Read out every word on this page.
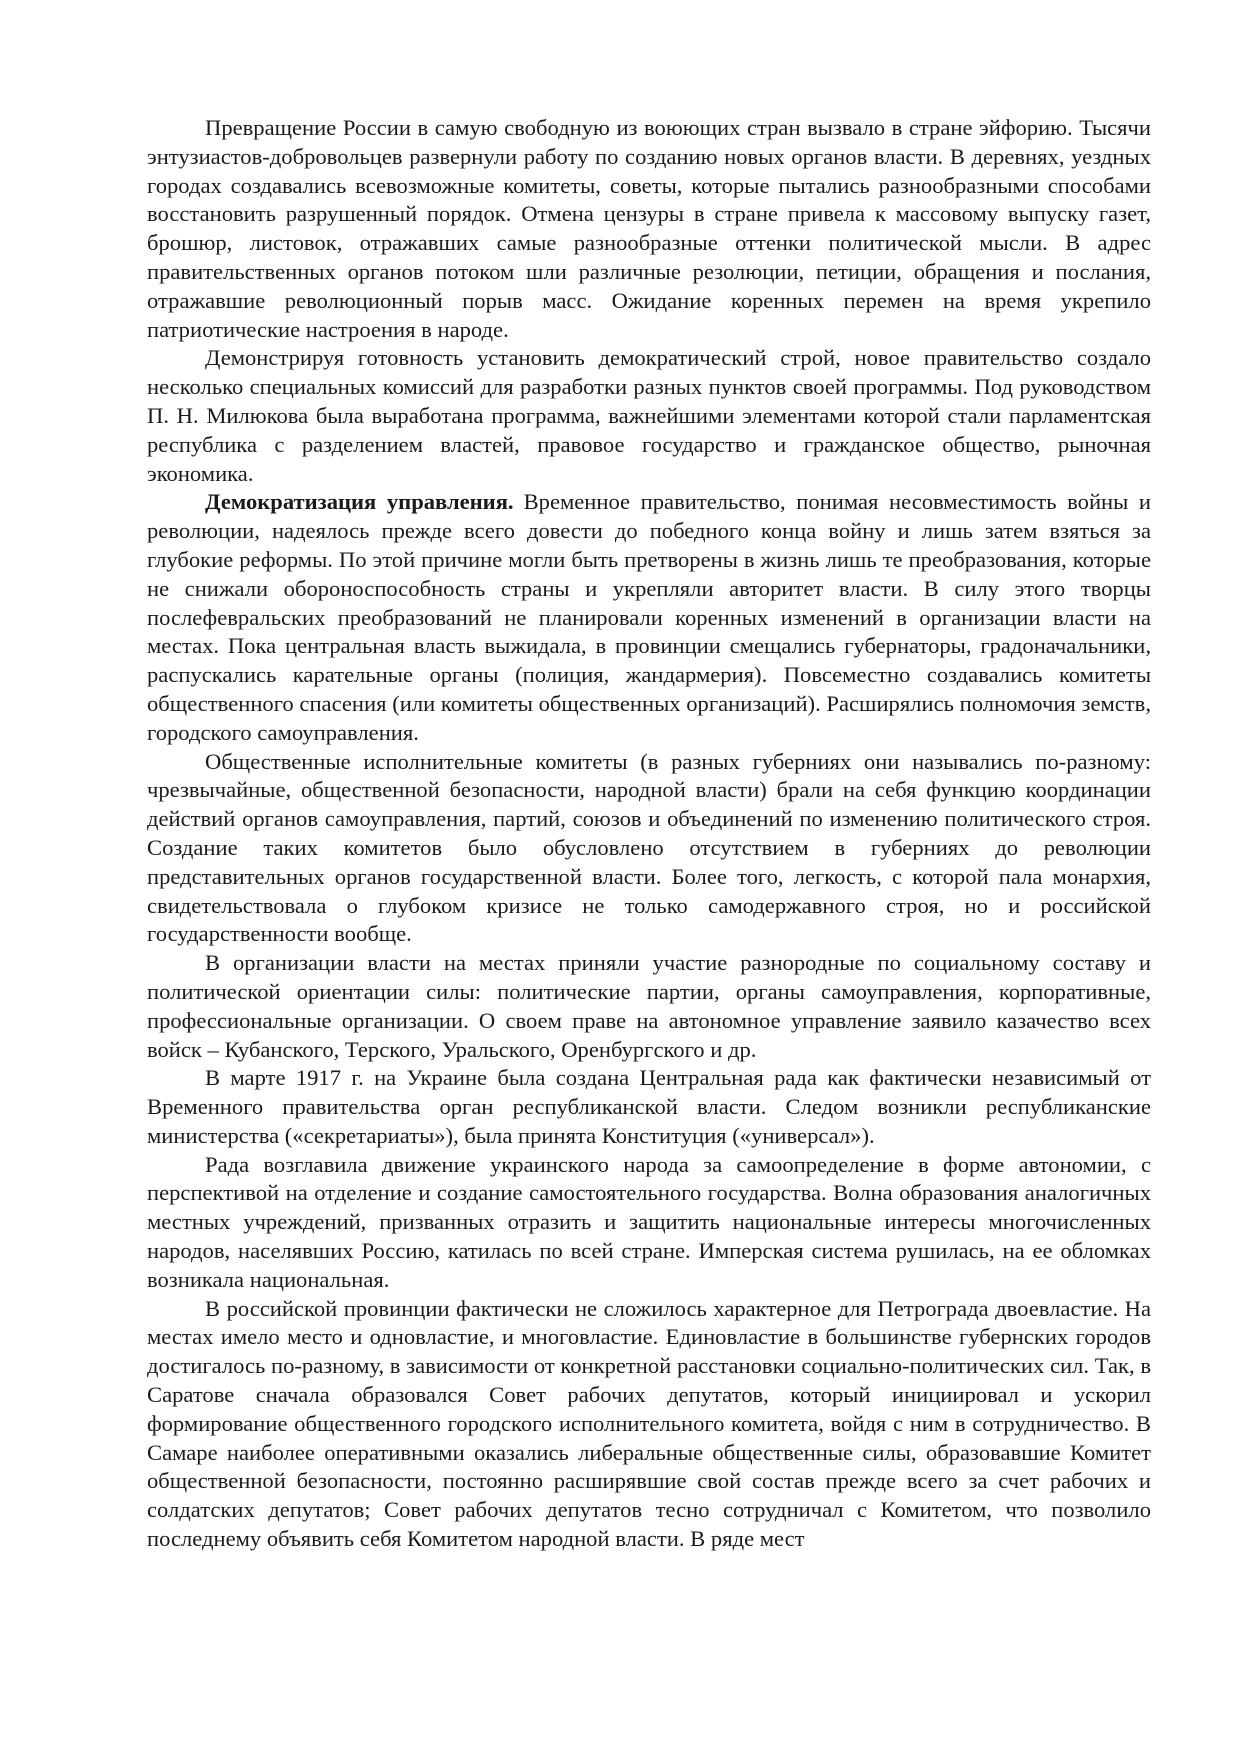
Превращение России в самую свободную из воюющих стран вызвало в стране эйфорию. Тысячи энтузиастов-добровольцев развернули работу по созданию новых органов власти. В деревнях, уездных городах создавались всевозможные комитеты, советы, которые пытались разнообразными способами восстановить разрушенный порядок. Отмена цензуры в стране привела к массовому выпуску газет, брошюр, листовок, отражавших самые разнообразные оттенки политической мысли. В адрес правительственных органов потоком шли различные резолюции, петиции, обращения и послания, отражавшие революционный порыв масс. Ожидание коренных перемен на время укрепило патриотические настроения в народе.

Демонстрируя готовность установить демократический строй, новое правительство создало несколько специальных комиссий для разработки разных пунктов своей программы. Под руководством П. Н. Милюкова была выработана программа, важнейшими элементами которой стали парламентская республика с разделением властей, правовое государство и гражданское общество, рыночная экономика.

Демократизация управления. Временное правительство, понимая несовместимость войны и революции, надеялось прежде всего довести до победного конца войну и лишь затем взяться за глубокие реформы. По этой причине могли быть претворены в жизнь лишь те преобразования, которые не снижали обороноспособность страны и укрепляли авторитет власти. В силу этого творцы послефевральских преобразований не планировали коренных изменений в организации власти на местах. Пока центральная власть выжидала, в провинции смещались губернаторы, градоначальники, распускались карательные органы (полиция, жандармерия). Повсеместно создавались комитеты общественного спасения (или комитеты общественных организаций). Расширялись полномочия земств, городского самоуправления.

Общественные исполнительные комитеты (в разных губерниях они назывались по-разному: чрезвычайные, общественной безопасности, народной власти) брали на себя функцию координации действий органов самоуправления, партий, союзов и объединений по изменению политического строя. Создание таких комитетов было обусловлено отсутствием в губерниях до революции представительных органов государственной власти. Более того, легкость, с которой пала монархия, свидетельствовала о глубоком кризисе не только самодержавного строя, но и российской государственности вообще.

В организации власти на местах приняли участие разнородные по социальному составу и политической ориентации силы: политические партии, органы самоуправления, корпоративные, профессиональные организации. О своем праве на автономное управление заявило казачество всех войск – Кубанского, Терского, Уральского, Оренбургского и др.

В марте 1917 г. на Украине была создана Центральная рада как фактически независимый от Временного правительства орган республиканской власти. Следом возникли республиканские министерства («секретариаты»), была принята Конституция («универсал»).

Рада возглавила движение украинского народа за самоопределение в форме автономии, с перспективой на отделение и создание самостоятельного государства. Волна образования аналогичных местных учреждений, призванных отразить и защитить национальные интересы многочисленных народов, населявших Россию, катилась по всей стране. Имперская система рушилась, на ее обломках возникала национальная.

В российской провинции фактически не сложилось характерное для Петрограда двоевластие. На местах имело место и одновластие, и многовластие. Единовластие в большинстве губернских городов достигалось по-разному, в зависимости от конкретной расстановки социально-политических сил. Так, в Саратове сначала образовался Совет рабочих депутатов, который инициировал и ускорил формирование общественного городского исполнительного комитета, войдя с ним в сотрудничество. В Самаре наиболее оперативными оказались либеральные общественные силы, образовавшие Комитет общественной безопасности, постоянно расширявшие свой состав прежде всего за счет рабочих и солдатских депутатов; Совет рабочих депутатов тесно сотрудничал с Комитетом, что позволило последнему объявить себя Комитетом народной власти. В ряде мест
